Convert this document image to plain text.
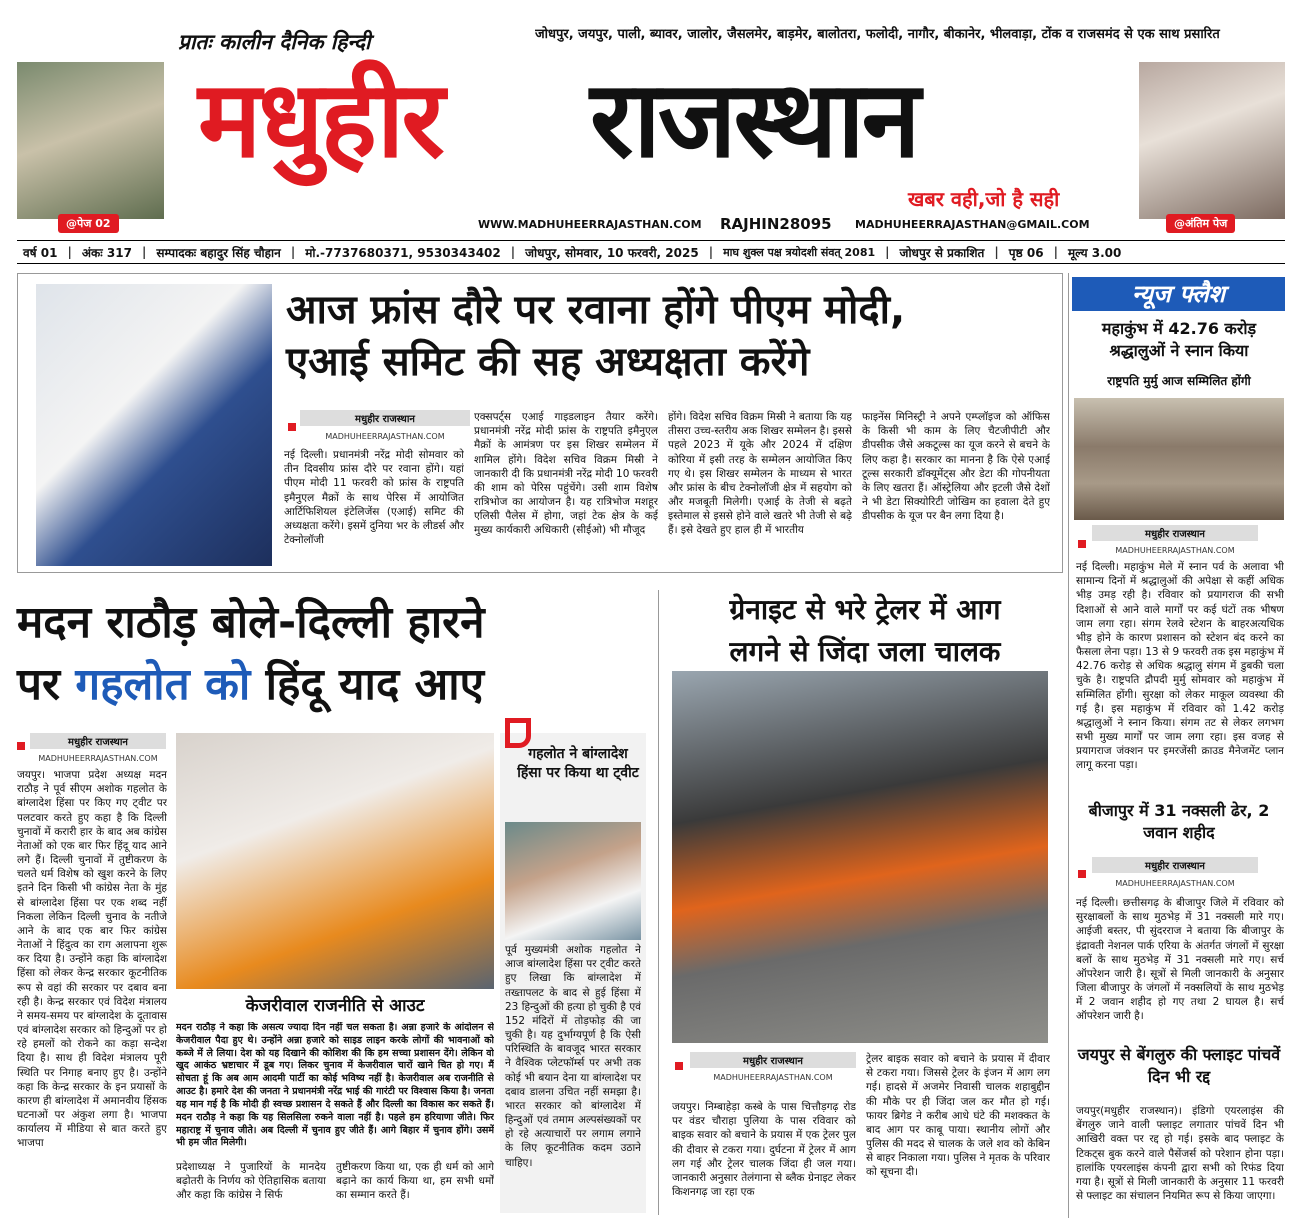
प्रातः कालीन दैनिक हिन्दी	जोधपुर, जयपुर, पाली, ब्यावर, जालोर, जैसलमेर, बाड़मेर, बालोतरा, फलोदी, नागौर, बीकानेर, भीलवाड़ा, टोंक व राजसमंद से एक साथ प्रसारित
@पेज 02
मधुहीर राजस्थान
खबर वही,जो है सही
@अंतिम पेज
WWW.MADHUHEERRAJASTHAN.COM RAJHIN28095 MADHUHEERRAJASTHAN@GMAIL.COM
वर्ष 01 | अंकः 317 | सम्पादकः बहादुर सिंह चौहान | मो.-7737680371, 9530343402 | जोधपुर, सोमवार, 10 फरवरी, 2025 | माघ शुक्ल पक्ष त्रयोदशी संवत् 2081 | जोधपुर से प्रकाशित | पृष्ठ 06 | मूल्य 3.00
आज फ्रांस दौरे पर रवाना होंगे पीएम मोदी,
एआई समिट की सह अध्यक्षता करेंगे
मधुहीर राजस्थान
MADHUHEERRAJASTHAN.COM
नई दिल्ली। प्रधानमंत्री नरेंद्र मोदी सोमवार को तीन दिवसीय फ्रांस दौरे पर रवाना होंगे। यहां पीएम मोदी 11 फरवरी को फ्रांस के राष्ट्रपति इमैनुएल मैक्रों के साथ पेरिस में आयोजित आर्टिफिशियल इंटेलिजेंस (एआई) समिट की अध्यक्षता करेंगे। इसमें दुनिया भर के लीडर्स और टेक्नोलॉजी
एक्सपर्ट्स एआई गाइडलाइन तैयार करेंगे। प्रधानमंत्री नरेंद्र मोदी फ्रांस के राष्ट्रपति इमैनुएल मैक्रों के आमंत्रण पर इस शिखर सम्मेलन में शामिल होंगे। विदेश सचिव विक्रम मिस्री ने जानकारी दी कि प्रधानमंत्री नरेंद्र मोदी 10 फरवरी की शाम को पेरिस पहुंचेंगे। उसी शाम विशेष रात्रिभोज का आयोजन है। यह रात्रिभोज मशहूर एलिसी पैलेस में होगा, जहां टेक क्षेत्र के कई मुख्य कार्यकारी अधिकारी (सीईओ) भी मौजूद
होंगे। विदेश सचिव विक्रम मिस्री ने बताया कि यह तीसरा उच्च-स्तरीय अक शिखर सम्मेलन है। इससे पहले 2023 में यूके और 2024 में दक्षिण कोरिया में इसी तरह के सम्मेलन आयोजित किए गए थे। इस शिखर सम्मेलन के माध्यम से भारत और फ्रांस के बीच टेक्नोलॉजी क्षेत्र में सहयोग को और मजबूती मिलेगी। एआई के तेजी से बढ़ते इस्तेमाल से इससे होने वाले खतरे भी तेजी से बढ़े हैं। इसे देखते हुए हाल ही में भारतीय
फाइनेंस मिनिस्ट्री ने अपने एम्प्लॉइज को ऑफिस के किसी भी काम के लिए चैटजीपीटी और डीपसीक जैसे अकटूल्स का यूज करने से बचने के लिए कहा है। सरकार का मानना है कि ऐसे एआई टूल्स सरकारी डॉक्यूमेंट्स और डेटा की गोपनीयता के लिए खतरा हैं। ऑस्ट्रेलिया और इटली जैसे देशों ने भी डेटा सिक्योरिटी जोखिम का हवाला देते हुए डीपसीक के यूज पर बैन लगा दिया है।
मदन राठौड़ बोले-दिल्ली हारने
पर गहलोत को हिंदू याद आए
मधुहीर राजस्थान
MADHUHEERRAJASTHAN.COM
जयपुर। भाजपा प्रदेश अध्यक्ष मदन राठौड़ ने पूर्व सीएम अशोक गहलोत के बांग्लादेश हिंसा पर किए गए ट्वीट पर पलटवार करते हुए कहा है कि दिल्ली चुनावों में करारी हार के बाद अब कांग्रेस नेताओं को एक बार फिर हिंदू याद आने लगे हैं। दिल्ली चुनावों में तुष्टीकरण के चलते धर्म विशेष को खुश करने के लिए इतने दिन किसी भी कांग्रेस नेता के मुंह से बांग्लादेश हिंसा पर एक शब्द नहीं निकला लेकिन दिल्ली चुनाव के नतीजे आने के बाद एक बार फिर कांग्रेस नेताओं ने हिंदुत्व का राग अलापना शुरू कर दिया है। उन्होंने कहा कि बांग्लादेश हिंसा को लेकर केन्द्र सरकार कूटनीतिक रूप से वहां की सरकार पर दबाव बना रही है। केन्द्र सरकार एवं विदेश मंत्रालय ने समय-समय पर बांग्लादेश के दूतावास एवं बांग्लादेश सरकार को हिन्दुओं पर हो रहे हमलों को रोकने का कड़ा सन्देश दिया है। साथ ही विदेश मंत्रालय पूरी स्थिति पर निगाह बनाए हुए है। उन्होंने कहा कि केन्द्र सरकार के इन प्रयासों के कारण ही बांग्लादेश में अमानवीय हिंसक घटनाओं पर अंकुश लगा है। भाजपा कार्यालय में मीडिया से बात करते हुए भाजपा
केजरीवाल राजनीति से आउट
मदन राठौड़ ने कहा कि असत्य ज्यादा दिन नहीं चल सकता है। अन्ना हजारे के आंदोलन से केजरीवाल पैदा हुए थे। उन्होंने अन्ना हजारे को साइड लाइन करके लोगों की भावनाओं को कब्जे में ले लिया। देश को यह दिखाने की कोशिश की कि हम सच्चा प्रशासन देंगे। लेकिन वो खुद आकंठ भ्रष्टाचार में डूब गए। लिकर चुनाव में केजरीवाल चारों खाने चित हो गए। मैं सोचता हूं कि अब आम आदमी पार्टी का कोई भविष्य नहीं है। केजरीवाल अब राजनीति से आउट है। हमारे देश की जनता ने प्रधानमंत्री नरेंद्र भाई की गारंटी पर विश्वास किया है। जनता यह मान गई है कि मोदी ही स्वच्छ प्रशासन दे सकते हैं और दिल्ली का विकास कर सकते हैं। मदन राठौड़ ने कहा कि यह सिलसिला रुकने वाला नहीं है। पहले हम हरियाणा जीते। फिर महाराष्ट्र में चुनाव जीते। अब दिल्ली में चुनाव हुए जीते हैं। आगे बिहार में चुनाव होंगे। उसमें भी हम जीत मिलेगी।
प्रदेशाध्यक्ष ने पुजारियों के मानदेय बढ़ोतरी के निर्णय को ऐतिहासिक बताया और कहा कि कांग्रेस ने सिर्फ
तुष्टीकरण किया था, एक ही धर्म को आगे बढ़ाने का कार्य किया था, हम सभी धर्मों का सम्मान करते हैं।
गहलोत ने बांग्लादेश हिंसा पर किया था ट्वीट
पूर्व मुख्यमंत्री अशोक गहलोत ने आज बांग्लादेश हिंसा पर ट्वीट करते हुए लिखा कि बांग्लादेश में तख्तापलट के बाद से हुई हिंसा में 23 हिन्दुओं की हत्या हो चुकी है एवं 152 मंदिरों में तोड़फोड़ की जा चुकी है। यह दुर्भाग्यपूर्ण है कि ऐसी परिस्थिति के बावजूद भारत सरकार ने वैश्विक प्लेटफॉर्म्स पर अभी तक कोई भी बयान देना या बांग्लादेश पर दबाव डालना उचित नहीं समझा है। भारत सरकार को बांग्लादेश में हिन्दुओं एवं तमाम अल्पसंख्यकों पर हो रहे अत्याचारों पर लगाम लगाने के लिए कूटनीतिक कदम उठाने चाहिए।
ग्रेनाइट से भरे ट्रेलर में आग
लगने से जिंदा जला चालक
मधुहीर राजस्थान
MADHUHEERRAJASTHAN.COM
जयपुर। निम्बाहेड़ा कस्बे के पास चित्तौड़गढ़ रोड पर वंडर चौराहा पुलिया के पास रविवार को बाइक सवार को बचाने के प्रयास में एक ट्रेलर पुल की दीवार से टकरा गया। दुर्घटना में ट्रेलर में आग लग गई और ट्रेलर चालक जिंदा ही जल गया। जानकारी अनुसार तेलंगाना से ब्लैक ग्रेनाइट लेकर किशनगढ़ जा रहा एक
ट्रेलर बाइक सवार को बचाने के प्रयास में दीवार से टकरा गया। जिससे ट्रेलर के इंजन में आग लग गई। हादसे में अजमेर निवासी चालक शहाबुद्दीन की मौके पर ही जिंदा जल कर मौत हो गई। फायर ब्रिगेड ने करीब आधे घंटे की मशक्कत के बाद आग पर काबू पाया। स्थानीय लोगों और पुलिस की मदद से चालक के जले शव को केबिन से बाहर निकाला गया। पुलिस ने मृतक के परिवार को सूचना दी।
न्यूज फ्लैश
महाकुंभ में 42.76 करोड़ श्रद्धालुओं ने स्नान किया
राष्ट्रपति मुर्मु आज सम्मिलित होंगी
मधुहीर राजस्थान
MADHUHEERRAJASTHAN.COM
नई दिल्ली। महाकुंभ मेले में स्नान पर्व के अलावा भी सामान्य दिनों में श्रद्धालुओं की अपेक्षा से कहीं अधिक भीड़ उमड़ रही है। रविवार को प्रयागराज की सभी दिशाओं से आने वाले मार्गों पर कई घंटों तक भीषण जाम लगा रहा। संगम रेलवे स्टेशन के बाहरअत्यधिक भीड़ होने के कारण प्रशासन को स्टेशन बंद करने का फैसला लेना पड़ा। 13 से 9 फरवरी तक इस महाकुंभ में 42.76 करोड़ से अधिक श्रद्धालु संगम में डुबकी चला चुके है। राष्ट्रपति द्रौपदी मुर्मु सोमवार को महाकुंभ में सम्मिलित होंगी। सुरक्षा को लेकर माकूल व्यवस्था की गई है। इस महाकुंभ में रविवार को 1.42 करोड़ श्रद्धालुओं ने स्नान किया। संगम तट से लेकर लगभग सभी मुख्य मार्गों पर जाम लगा रहा। इस वजह से प्रयागराज जंक्शन पर इमरजेंसी क्राउड मैनेजमेंट प्लान लागू करना पड़ा।
बीजापुर में 31 नक्सली ढेर, 2 जवान शहीद
मधुहीर राजस्थान
MADHUHEERRAJASTHAN.COM
नई दिल्ली। छत्तीसगढ़ के बीजापुर जिले में रविवार को सुरक्षाबलों के साथ मुठभेड़ में 31 नक्सली मारे गए। आईजी बस्तर, पी सुंदरराज ने बताया कि बीजापुर के इंद्रावती नेशनल पार्क एरिया के अंतर्गत जंगलों में सुरक्षा बलों के साथ मुठभेड़ में 31 नक्सली मारे गए। सर्च ऑपरेशन जारी है। सूत्रों से मिली जानकारी के अनुसार जिला बीजापुर के जंगलों में नक्सलियों के साथ मुठभेड़ में 2 जवान शहीद हो गए तथा 2 घायल है। सर्च ऑपरेशन जारी है।
जयपुर से बेंगलुरु की फ्लाइट पांचवें दिन भी रद्द
जयपुर(मधुहीर राजस्थान)। इंडिगो एयरलाइंस की बेंगलुरु जाने वाली फ्लाइट लगातार पांचवें दिन भी आखिरी वक्त पर रद्द हो गई। इसके बाद फ्लाइट के टिकट्स बुक करने वाले पैसेंजर्स को परेशान होना पड़ा। हालांकि एयरलाइंस कंपनी द्वारा सभी को रिफंड दिया गया है। सूत्रों से मिली जानकारी के अनुसार 11 फरवरी से फ्लाइट का संचालन नियमित रूप से किया जाएगा।
